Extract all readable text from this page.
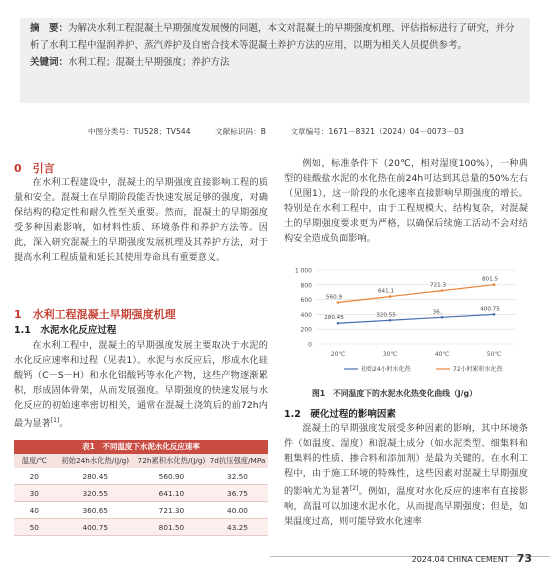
摘　要：为解决水利工程混凝土早期强度发展慢的问题，本文对混凝土的早期强度机理、评估指标进行了研究，并分析了水利工程中湿润养护、蒸汽养护及自密合技术等混凝土养护方法的应用，以期为相关人员提供参考。

关键词：水利工程；混凝土早期强度；养护方法

中图分类号：TU528；TV544	文献标识码：B	文章编号：1671－8321（2024）04－0073－03
0　引言

在水利工程建设中，混凝土的早期强度直接影响工程的质量和安全。混凝土在早期阶段能否快速发展足够的强度，对确保结构的稳定性和耐久性至关重要。然而，混凝土的早期强度受多种因素影响，如材料性质、环境条件和养护方法等。因此，深入研究混凝土的早期强度发展机理及其养护方法，对于提高水利工程质量和延长其使用寿命具有重要意义。

1　水利工程混凝土早期强度机理
1.1　水泥水化反应过程

在水利工程中，混凝土的早期强度发展主要取决于水泥的水化反应速率和过程（见表1）。水泥与水反应后，形成水化硅酸钙（C－S－H）和水化铝酸钙等水化产物，这些产物逐渐累积，形成固体骨架，从而发展强度。早期强度的快速发展与水化反应的初始速率密切相关，通常在混凝土浇筑后的前72h内最为显著[1]。

表1　不同温度下水泥水化反应速率
温度/℃	初始24h水化热/(J/g)	72h累积水化热/(J/g)	7d抗压强度/MPa
20	280.45	560.90	32.50
30	320.55	641.10	36.75
40	360.65	721.30	40.00
50	400.75	801.50	43.25

例如，标准条件下（20℃，相对湿度100%），一种典型的硅酸盐水泥的水化热在前24h可达到其总量的50%左右（见图1），这一阶段的水化速率直接影响早期强度的增长。特别是在水利工程中，由于工程规模大、结构复杂，对混凝土的早期强度要求更为严格，以确保后续施工活动不会对结构安全造成负面影响。

0
200
400
600
800
1 000
20℃	30℃	40℃	50℃
280.45	320.55	36..	400.75
560.9
641.1
721.3
801.5
初始24小时水化热	72小时累积水化热
图1　不同温度下的水泥水化热变化曲线（J/g）
1.2　硬化过程的影响因素

混凝土的早期强度发展受多种因素的影响，其中环境条件（如温度、湿度）和混凝土成分（如水泥类型、细集料和粗集料的性质、掺合料和添加剂）是最为关键的。在水利工程中，由于施工环境的特殊性，这些因素对混凝土早期强度的影响尤为显著[2]。例如，温度对水化反应的速率有直接影响，高温可以加速水泥水化，从而提高早期强度；但是，如果温度过高，则可能导致水化速率

2024.04 CHINA CEMENT 73
